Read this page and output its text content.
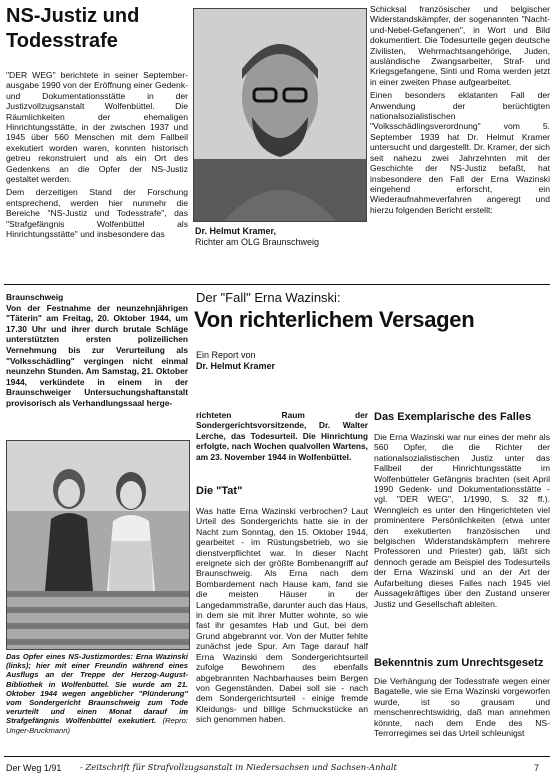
NS-Justiz und
Todesstrafe

"DER WEG" berichtete in seiner September-ausgabe 1990 von der Eröffnung einer Gedenk- und Dokumentationsstätte in der Justizvollzugsanstalt Wolfenbüttel. Die Räumlichkeiten der ehemaligen Hinrichtungsstätte, in der zwischen 1937 und 1945 über 560 Menschen mit dem Fallbeil exekutiert worden waren, konnten historisch getreu rekonstruiert und als ein Ort des Gedenkens an die Opfer der NS-Justiz gestaltet werden.

Dem derzeitigen Stand der Forschung entsprechend, werden hier nunmehr die Bereiche "NS-Justiz und Todesstrafe", das "Strafgefängnis Wolfenbüttel als Hinrichtungsstätte" und insbesondere das	Dr. Helmut Kramer,
Richter am OLG Braunschweig

Schicksal französischer und belgischer Widerstandskämpfer, der sogenannten "Nacht-und-Nebel-Gefangenen", in Wort und Bild dokumentiert. Die Todesurteile gegen deutsche Zivilisten, Wehrmachtsangehörige, Juden, ausländische Zwangsarbeiter, Straf- und Kriegsgefangene, Sinti und Roma werden jetzt in einer zweiten Phase aufgearbeitet.

Einen besonders eklatanten Fall der Anwendung der berüchtigten nationalsozialistischen "Volksschädlingsverordnung" vom 5. September 1939 hat Dr. Helmut Kramer untersucht und dargestellt. Dr. Kramer, der sich seit nahezu zwei Jahrzehnten mit der Geschichte der NS-Justiz befaßt, hat insbesondere den Fall der Erna Wazinski eingehend erforscht, ein Wiederaufnahmeverfahren angeregt und hierzu folgenden Bericht erstellt:

Der "Fall" Erna Wazinski:
Von richterlichem Versagen
Ein Report von
Dr. Helmut Kramer
Braunschweig
Von der Festnahme der neunzehnjährigen "Täterin" am Freitag, 20. Oktober 1944, um 17.30 Uhr und ihrer durch brutale Schläge unterstützten ersten polizeilichen Vernehmung bis zur Verurteilung als "Volksschädling" vergingen nicht einmal neunzehn Stunden. Am Samstag, 21. Oktober 1944, verkündete in einem in der Braunschweiger Untersuchungshaftanstalt provisorisch als Verhandlungssaal herge-
Das Opfer eines NS-Justizmordes: Erna Wazinski (links); hier mit einer Freundin während eines Ausflugs an der Treppe der Herzog-August-Bibliothek in Wolfenbüttel. Sie wurde am 21. Oktober 1944 wegen angeblicher "Plünderung" vom Sondergericht Braunschweig zum Tode verurteilt und einen Monat darauf im Strafgefängnis Wolfenbüttel exekutiert. (Repro: Unger-Bruckmann)
richteten Raum der Sondergerichtsvorsitzende, Dr. Walter Lerche, das Todesurteil. Die Hinrichtung erfolgte, nach Wochen qualvollen Wartens, am 23. November 1944 in Wolfenbüttel.
Die "Tat"
Was hatte Erna Wazinski verbrochen? Laut Urteil des Sondergerichts hatte sie in der Nacht zum Sonntag, den 15. Oktober 1944, gearbeitet - im Rüstungsbetrieb, wo sie dienstverpflichtet war. In dieser Nacht ereignete sich der größte Bombenangriff auf Braunschweig. Als Erna nach dem Bombardement nach Hause kam, fand sie die meisten Häuser in der Langedammstraße, darunter auch das Haus, in dem sie mit ihrer Mutter wohnte, so wie fast ihr gesamtes Hab und Gut, bei dem Grund abgebrannt vor. Von der Mutter fehlte zunächst jede Spur. Am Tage darauf half Erna Wazinski dem Sondergerichtsurteil zufolge Bewohnern des ebenfalls abgebrannten Nachbarhauses beim Bergen von Gegenständen. Dabei soll sie - nach dem Sondergerichtsurteil - einige fremde Kleidungs- und billige Schmuckstücke an sich genommen haben.
Das Exemplarische des Falles
Die Erna Wazinski war nur eines der mehr als 560 Opfer, die die Richter der nationalsozialistischen Justiz unter das Fallbeil der Hinrichtungsstätte im Wolfenbütteler Gefängnis brachten (seit April 1990 Gedenk- und Dokumentationsstätte - vgl. "DER WEG", 1/1990, S. 32 ff.). Wenngleich es unter den Hingerichteten viel prominentere Persönlichkeiten (etwa unter den exekutierten französischen und belgischen Widerstandskämpfern mehrere Professoren und Priester) gab, läßt sich dennoch gerade am Beispiel des Todesurteils der Erna Wazinski und an der Art der Aufarbeitung dieses Falles nach 1945 viel Aussagekräftiges über den Zustand unserer Justiz und Gesellschaft ableiten.
Bekenntnis zum Unrechtsgesetz
Die Verhängung der Todesstrafe wegen einer Bagatelle, wie sie Erna Wazinski vorgeworfen wurde, ist so grausam und menschenrechtswidrig, daß man annehmen könnte, nach dem Ende des NS-Terrorregimes sei das Urteil schleunigst
Der Weg 1/91 - Zeitschrift für Strafvollzugsanstalt in Niedersachsen und Sachsen-Anhalt	7
